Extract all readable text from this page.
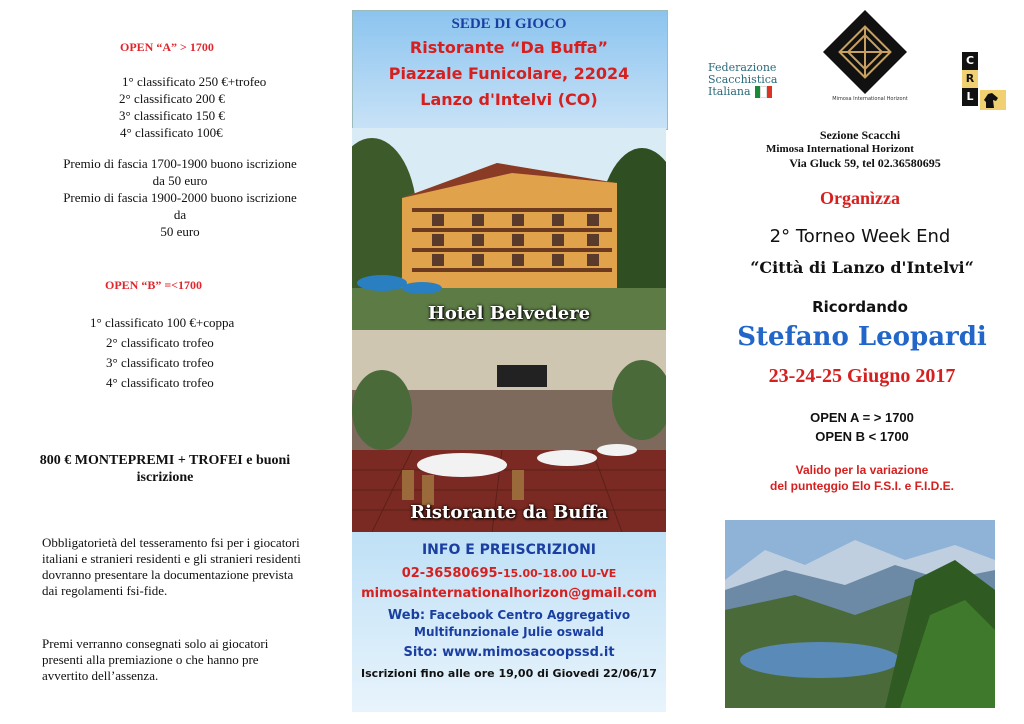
OPEN “A” > 1700
1° classificato 250 €+trofeo
2° classificato 200 €
3° classificato 150 €
4° classificato 100€
Premio di fascia 1700-1900 buono iscrizione da 50 euro
Premio di fascia 1900-2000 buono iscrizione da
50 euro
OPEN “B” =<1700
1° classificato 100 €+coppa
2° classificato trofeo
3° classificato trofeo
4° classificato trofeo
800 € MONTEPREMI + TROFEI e buoni iscrizione
Obbligatorietà del tesseramento fsi per i giocatori italiani e stranieri residenti e gli stranieri residenti dovranno presentare la documentazione prevista dai regolamenti fsi-fide.
Premi verranno consegnati solo ai giocatori presenti alla premiazione o che hanno pre avvertito dell’assenza.
SEDE DI GIOCO
Ristorante “Da Buffa”
Piazzale Funicolare, 22024
Lanzo d'Intelvi (CO)
Hotel Belvedere
Ristorante da Buffa
INFO E PREISCRIZIONI
02-36580695-15.00-18.00 LU-VE
mimosainternationalhorizon@gmail.com
Web: Facebook Centro Aggregativo
Multifunzionale Julie oswald
Sito: www.mimosacoopssd.it
Iscrizioni fino alle ore 19,00 di Giovedi 22/06/17
Federazione
Scacchistica
Italiana
Mimosa International Horizont
C
R
L
Sezione Scacchi
Mimosa International Horizont
Via Gluck 59, tel 02.36580695
Organìzza
2° Torneo Week End
“Città di Lanzo d'Intelvi“
Ricordando
Stefano Leopardi
23-24-25 Giugno 2017
OPEN A = > 1700
OPEN B < 1700
Valido per la variazione
del punteggio Elo F.S.I. e F.I.D.E.
